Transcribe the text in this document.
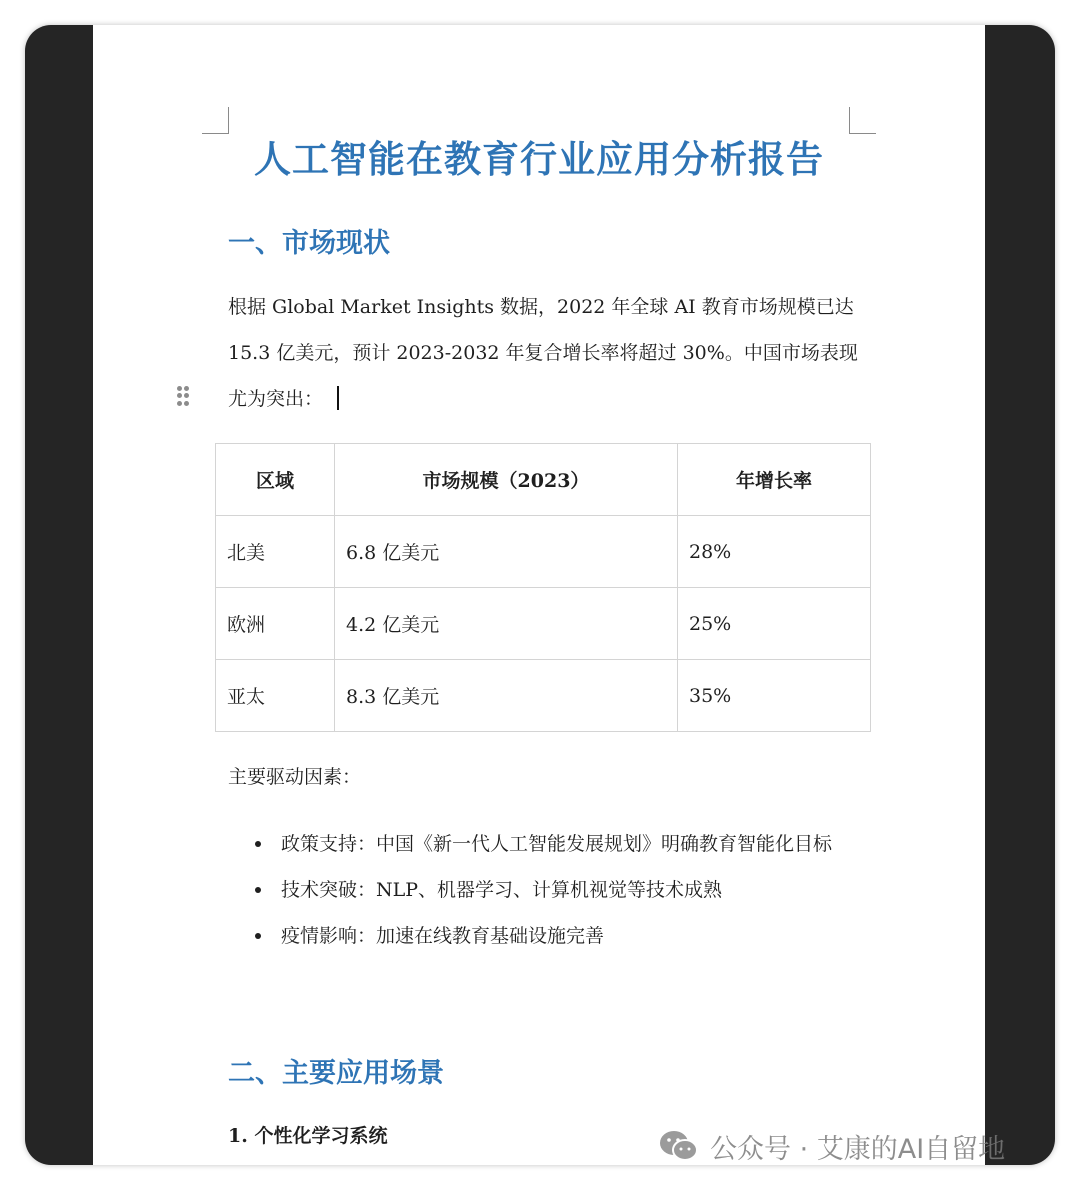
人工智能在教育行业应用分析报告
一、市场现状

根据 Global Market Insights 数据，2022 年全球 AI 教育市场规模已达 15.3 亿美元，预计 2023-2032 年复合增长率将超过 30%。中国市场表现尤为突出：

区域	市场规模（2023）	年增长率
北美	6.8 亿美元	28%
欧洲	4.2 亿美元	25%
亚太	8.3 亿美元	35%

主要驱动因素：

政策支持：中国《新一代人工智能发展规划》明确教育智能化目标
技术突破：NLP、机器学习、计算机视觉等技术成熟
疫情影响：加速在线教育基础设施完善
二、主要应用场景
1. 个性化学习系统	公众号 · 艾康的AI自留地
